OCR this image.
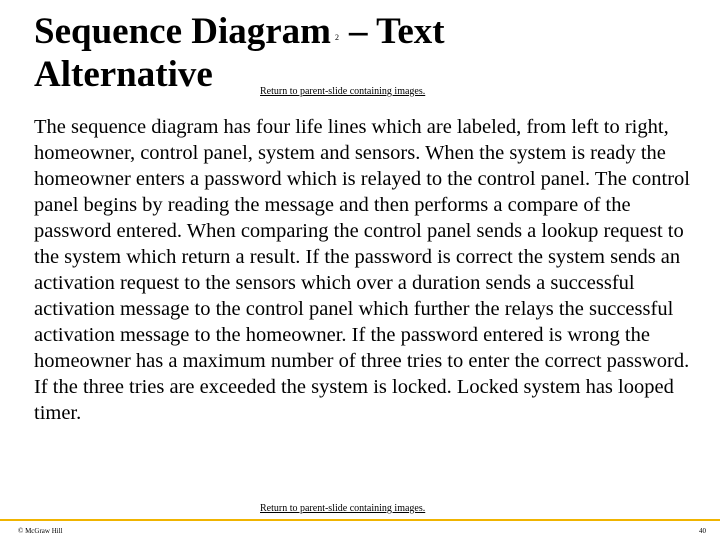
Sequence Diagram 2 – Text
Alternative	Return to parent-slide containing images.
The sequence diagram has four life lines which are labeled, from left to right, homeowner, control panel, system and sensors. When the system is ready the homeowner enters a password which is relayed to the control panel. The control panel begins by reading the message and then performs a compare of the password entered. When comparing the control panel sends a lookup request to the system which return a result. If the password is correct the system sends an activation request to the sensors which over a duration sends a successful activation message to the control panel which further the relays the successful activation message to the homeowner. If the password entered is wrong the homeowner has a maximum number of three tries to enter the correct password. If the three tries are exceeded the system is locked. Locked system has looped timer.
Return to parent-slide containing images.
© McGraw Hill	40
